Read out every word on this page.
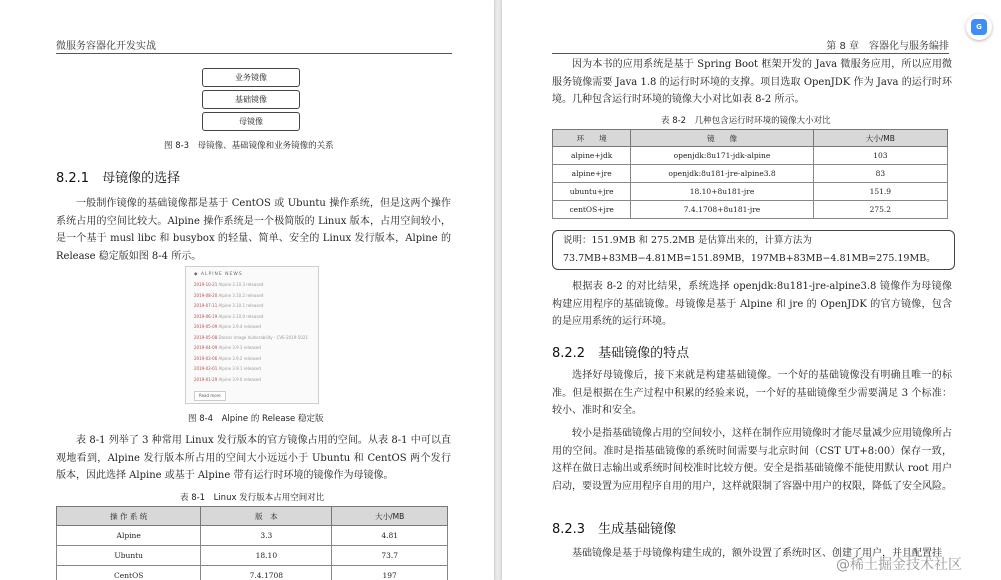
微服务容器化开发实战
业务镜像
基础镜像
母镜像
图 8-3　母镜像、基础镜像和业务镜像的关系
8.2.1　母镜像的选择
一般制作镜像的基础镜像都是基于 CentOS 或 Ubuntu 操作系统，但是这两个操作系统占用的空间比较大。Alpine 操作系统是一个极简版的 Linux 版本，占用空间较小，是一个基于 musl libc 和 busybox 的轻量、简单、安全的 Linux 发行版本，Alpine 的 Release 稳定版如图 8-4 所示。
◆ ALPINE NEWS
2019-10-21 Alpine 3.10.3 released
2019-08-20 Alpine 3.10.2 released
2019-07-11 Alpine 3.10.1 released
2019-06-19 Alpine 3.10.0 released
2019-05-09 Alpine 3.9.4 released
2019-05-08 Docker Image Vulnerability - CVE-2019-5021
2019-04-09 Alpine 3.9.3 released
2019-03-06 Alpine 3.9.2 released
2019-03-01 Alpine 3.9.1 released
2019-01-29 Alpine 3.9.0 released
Read more
图 8-4　Alpine 的 Release 稳定版
表 8-1 列举了 3 种常用 Linux 发行版本的官方镜像占用的空间。从表 8-1 中可以直观地看到，Alpine 发行版本所占用的空间大小远远小于 Ubuntu 和 CentOS 两个发行版本，因此选择 Alpine 或基于 Alpine 带有运行时环境的镜像作为母镜像。
表 8-1　Linux 发行版本占用空间对比
操 作 系 统	版　本	大小/MB
Alpine	3.3	4.81
Ubuntu	18.10	73.7
CentOS	7.4.1708	197
第 8 章　容器化与服务编排
因为本书的应用系统是基于 Spring Boot 框架开发的 Java 微服务应用，所以应用微服务镜像需要 Java 1.8 的运行时环境的支撑。项目选取 OpenJDK 作为 Java 的运行时环境。几种包含运行时环境的镜像大小对比如表 8-2 所示。
表 8-2　几种包含运行时环境的镜像大小对比
环　　境	镜　　像	大小/MB
alpine+jdk	openjdk:8u171-jdk-alpine	103
alpine+jre	openjdk:8u181-jre-alpine3.8	83
ubuntu+jre	18.10+8u181-jre	151.9
centOS+jre	7.4.1708+8u181-jre	275.2
说明：151.9MB 和 275.2MB 是估算出来的，计算方法为 73.7MB+83MB−4.81MB=151.89MB，197MB+83MB−4.81MB=275.19MB。
根据表 8-2 的对比结果，系统选择 openjdk:8u181-jre-alpine3.8 镜像作为母镜像构建应用程序的基础镜像。母镜像是基于 Alpine 和 jre 的 OpenJDK 的官方镜像，包含的是应用系统的运行环境。
8.2.2　基础镜像的特点
选择好母镜像后，接下来就是构建基础镜像。一个好的基础镜像没有明确且唯一的标准。但是根据在生产过程中积累的经验来说，一个好的基础镜像至少需要满足 3 个标准：较小、准时和安全。
较小是指基础镜像占用的空间较小，这样在制作应用镜像时才能尽量减少应用镜像所占用的空间。准时是指基础镜像的系统时间需要与北京时间（CST UT+8:00）保存一致，这样在做日志输出或系统时间校准时比较方便。安全是指基础镜像不能使用默认 root 用户启动，要设置为应用程序自用的用户，这样就限制了容器中用户的权限，降低了安全风险。
8.2.3　生成基础镜像
基础镜像是基于母镜像构建生成的，额外设置了系统时区、创建了用户，并且配置挂
G
@稀土掘金技术社区
